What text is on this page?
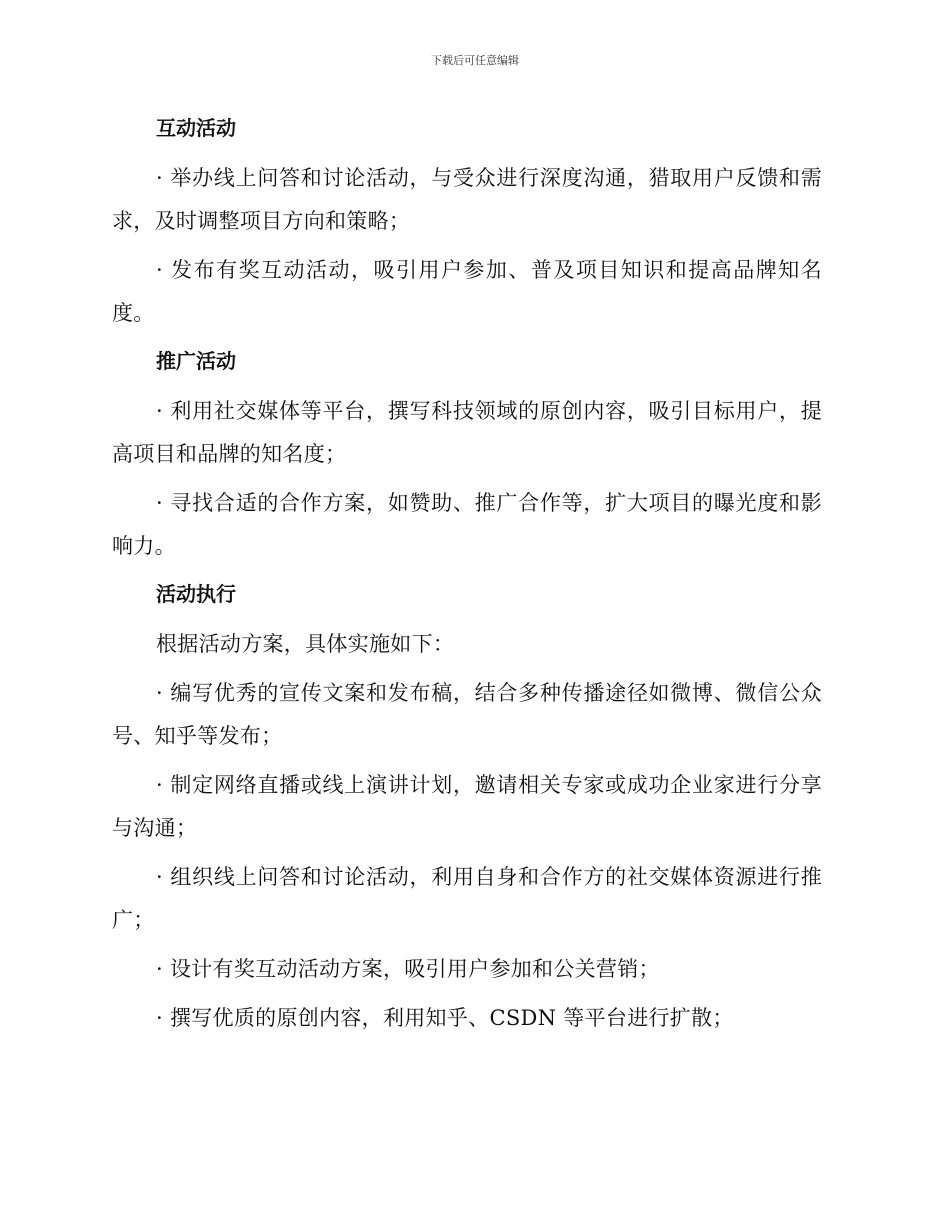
下载后可任意编辑
互动活动

· 举办线上问答和讨论活动，与受众进行深度沟通，猎取用户反馈和需求，及时调整项目方向和策略；

· 发布有奖互动活动，吸引用户参加、普及项目知识和提高品牌知名度。

推广活动

· 利用社交媒体等平台，撰写科技领域的原创内容，吸引目标用户，提高项目和品牌的知名度；

· 寻找合适的合作方案，如赞助、推广合作等，扩大项目的曝光度和影响力。

活动执行

根据活动方案，具体实施如下：

· 编写优秀的宣传文案和发布稿，结合多种传播途径如微博、微信公众号、知乎等发布；

· 制定网络直播或线上演讲计划，邀请相关专家或成功企业家进行分享与沟通；

· 组织线上问答和讨论活动，利用自身和合作方的社交媒体资源进行推广；

· 设计有奖互动活动方案，吸引用户参加和公关营销；

· 撰写优质的原创内容，利用知乎、CSDN 等平台进行扩散；
